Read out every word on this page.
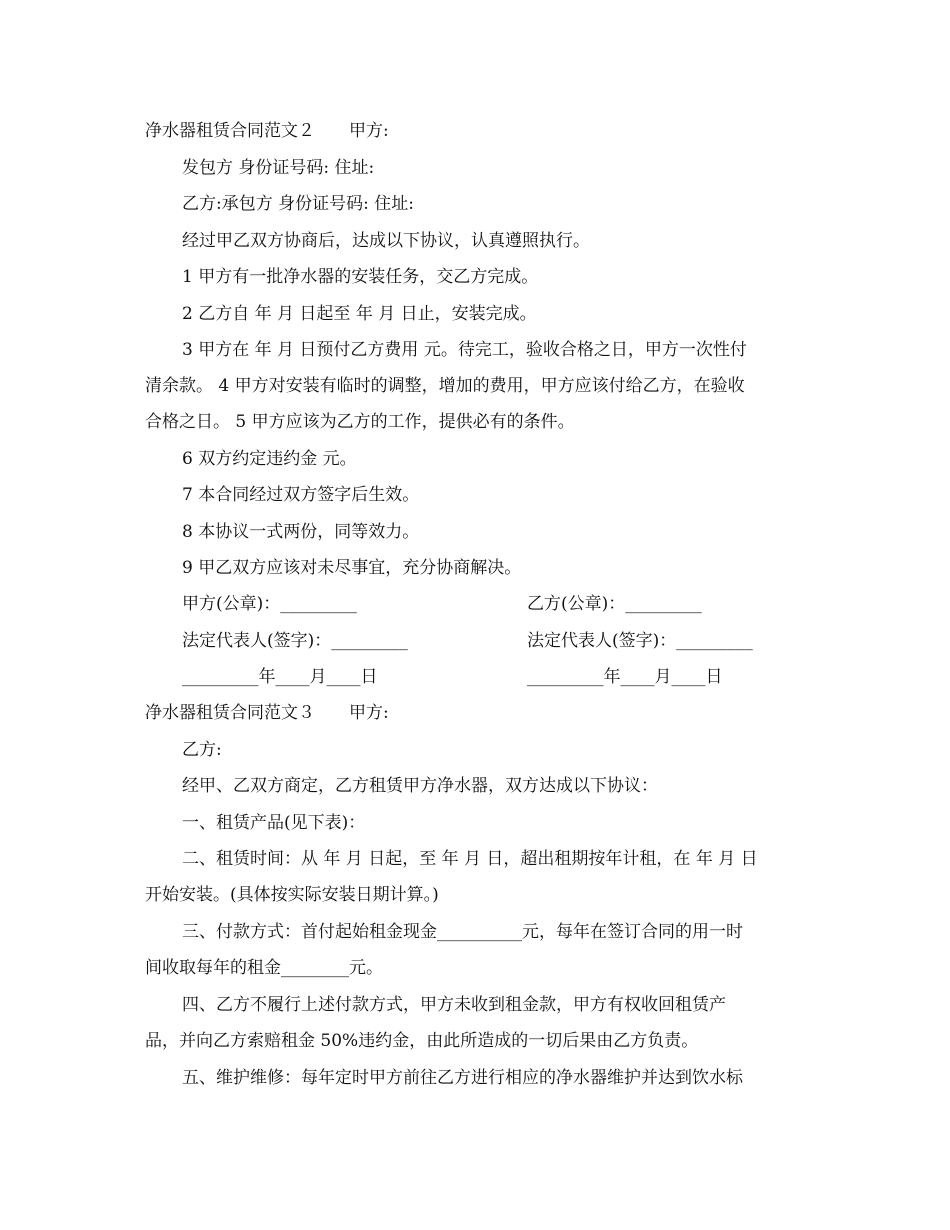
净水器租赁合同范文２　　甲方:
发包方 身份证号码: 住址:
乙方:承包方 身份证号码: 住址:
经过甲乙双方协商后，达成以下协议，认真遵照执行。
1 甲方有一批净水器的安装任务，交乙方完成。
2 乙方自 年 月 日起至 年 月 日止，安装完成。
3 甲方在 年 月 日预付乙方费用 元。待完工，验收合格之日，甲方一次性付
清余款。 4 甲方对安装有临时的调整，增加的费用，甲方应该付给乙方，在验收
合格之日。 5 甲方应该为乙方的工作，提供必有的条件。
6 双方约定违约金 元。
7 本合同经过双方签字后生效。
8 本协议一式两份，同等效力。
9 甲乙双方应该对未尽事宜，充分协商解决。
甲方(公章)：_________	乙方(公章)：_________
法定代表人(签字)：_________	法定代表人(签字)：_________
_________年____月____日	_________年____月____日
净水器租赁合同范文３　　甲方:
乙方:
经甲、乙双方商定，乙方租赁甲方净水器，双方达成以下协议：
一、租赁产品(见下表)：
二、租赁时间：从 年 月 日起，至 年 月 日，超出租期按年计租，在 年 月 日
开始安装。(具体按实际安装日期计算。)
三、付款方式：首付起始租金现金__________元，每年在签订合同的用一时
间收取每年的租金________元。
四、乙方不履行上述付款方式，甲方未收到租金款，甲方有权收回租赁产
品，并向乙方索赔租金 50%违约金，由此所造成的一切后果由乙方负责。
五、维护维修：每年定时甲方前往乙方进行相应的净水器维护并达到饮水标
